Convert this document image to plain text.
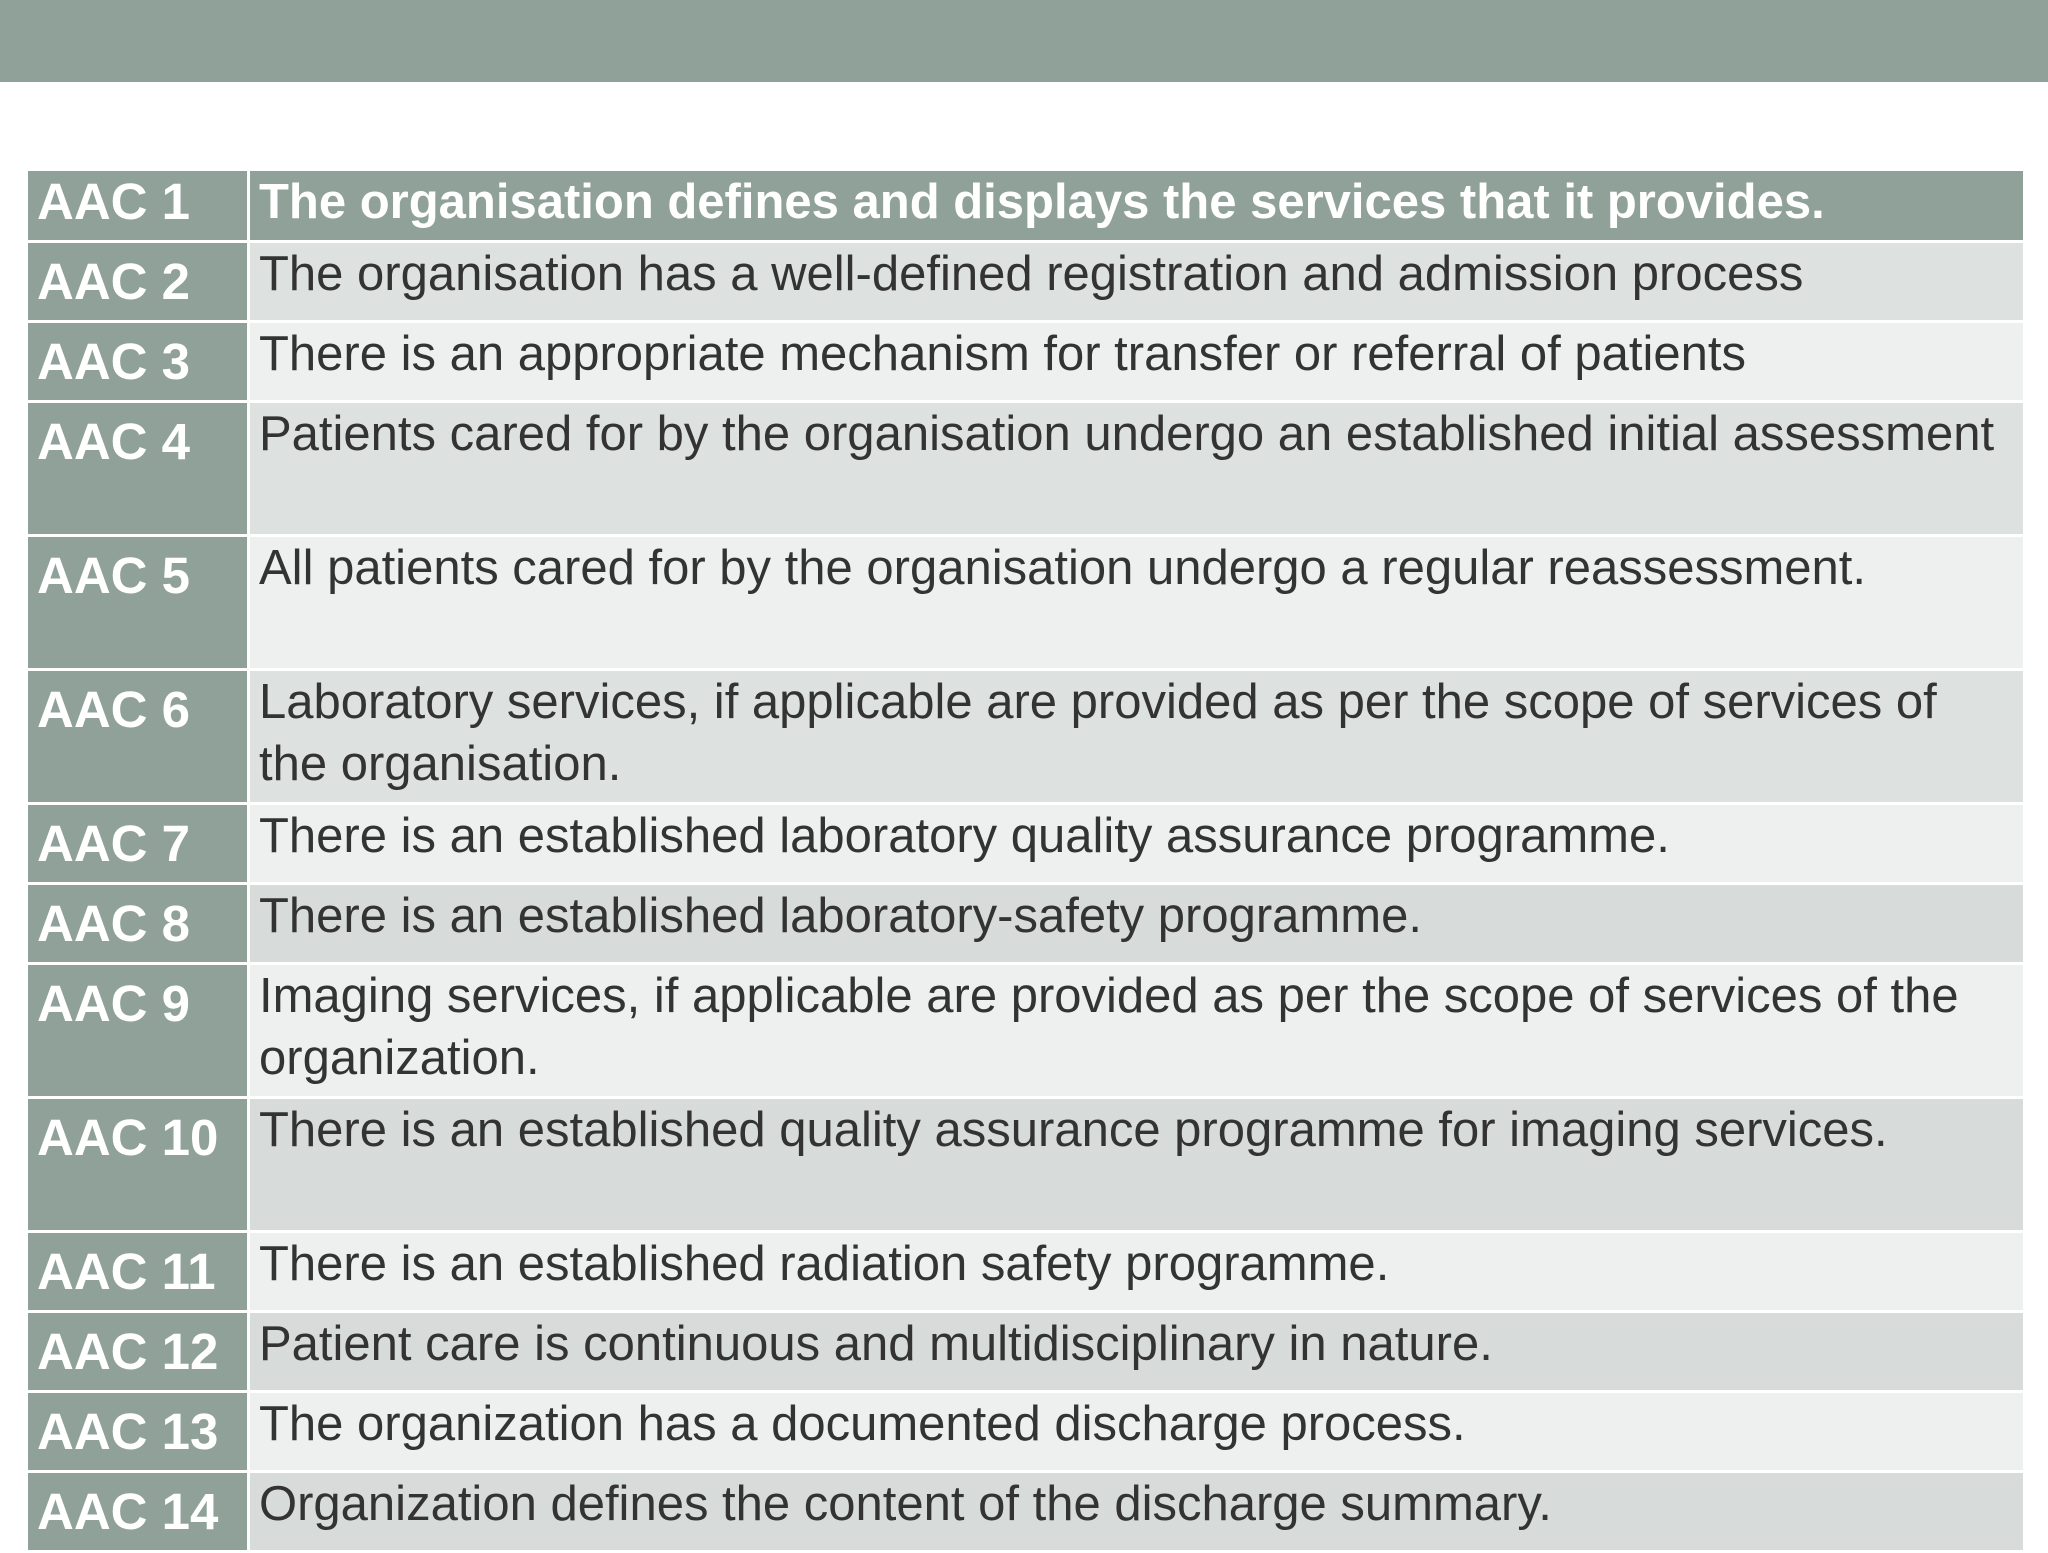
AAC 1	The organisation defines and displays the services that it provides.
AAC 2	The organisation has a well-defined registration and admission process
AAC 3	There is an appropriate mechanism for transfer or referral of patients
AAC 4	Patients cared for by the organisation undergo an established initial assessment
AAC 5	All patients cared for by the organisation undergo a regular reassessment.
AAC 6	Laboratory services, if applicable are provided as per the scope of services of the organisation.
AAC 7	There is an established laboratory quality assurance programme.
AAC 8	There is an established laboratory-safety programme.
AAC 9	Imaging services, if applicable are provided as per the scope of services of the organization.
AAC 10	There is an established quality assurance programme for imaging services.
AAC 11	There is an established radiation safety programme.
AAC 12	Patient care is continuous and multidisciplinary in nature.
AAC 13	The organization has a documented discharge process.
AAC 14	Organization defines the content of the discharge summary.
